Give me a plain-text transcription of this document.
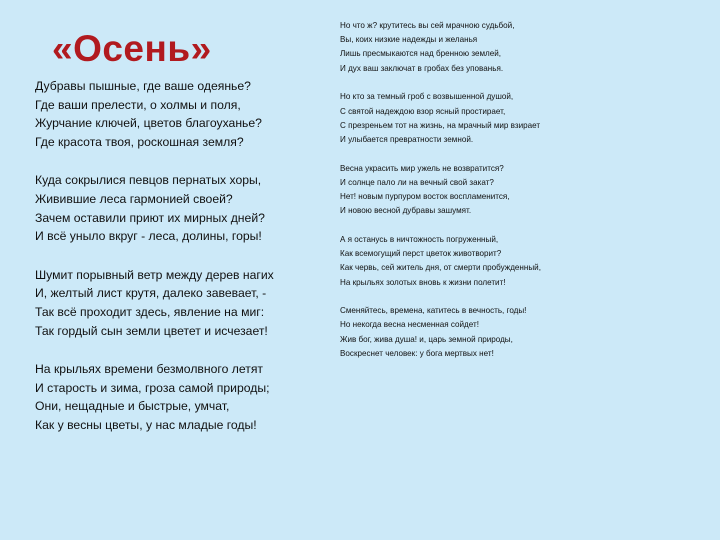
«Осень»
Дубравы пышные, где ваше одеянье?
Где ваши прелести, о холмы и поля,
Журчание ключей, цветов благоуханье?
Где красота твоя, роскошная земля?
Куда сокрылися певцов пернатых хоры,
Живившие леса гармонией своей?
Зачем оставили приют их мирных дней?
И всё уныло вкруг - леса, долины, горы!
Шумит порывный ветр между дерев нагих
И, желтый лист крутя, далеко завевает, -
Так всё проходит здесь, явление на миг:
Так гордый сын земли цветет и исчезает!
На крыльях времени безмолвного летят
И старость и зима, гроза самой природы;
Они, нещадные и быстрые, умчат,
Как у весны цветы, у нас младые годы!
Но что ж? крутитесь вы сей мрачною судьбой,
Вы, коих низкие надежды и желанья
Лишь пресмыкаются над бренною землей,
И дух ваш заключат в гробах без упованья.
Но кто за темный гроб с возвышенной душой,
С святой надеждою взор ясный простирает,
С презреньем тот на жизнь, на мрачный мир взирает
И улыбается превратности земной.
Весна украсить мир ужель не возвратится?
И солнце пало ли на вечный свой закат?
Нет! новым пурпуром восток воспламенится,
И новою весной дубравы зашумят.
А я останусь в ничтожность погруженный,
Как всемогущий перст цветок животворит?
Как червь, сей житель дня, от смерти пробужденный,
На крыльях золотых вновь к жизни полетит!
Сменяйтесь, времена, катитесь в вечность, годы!
Но некогда весна несменная сойдет!
Жив бог, жива душа! и, царь земной природы,
Воскреснет человек: у бога мертвых нет!
